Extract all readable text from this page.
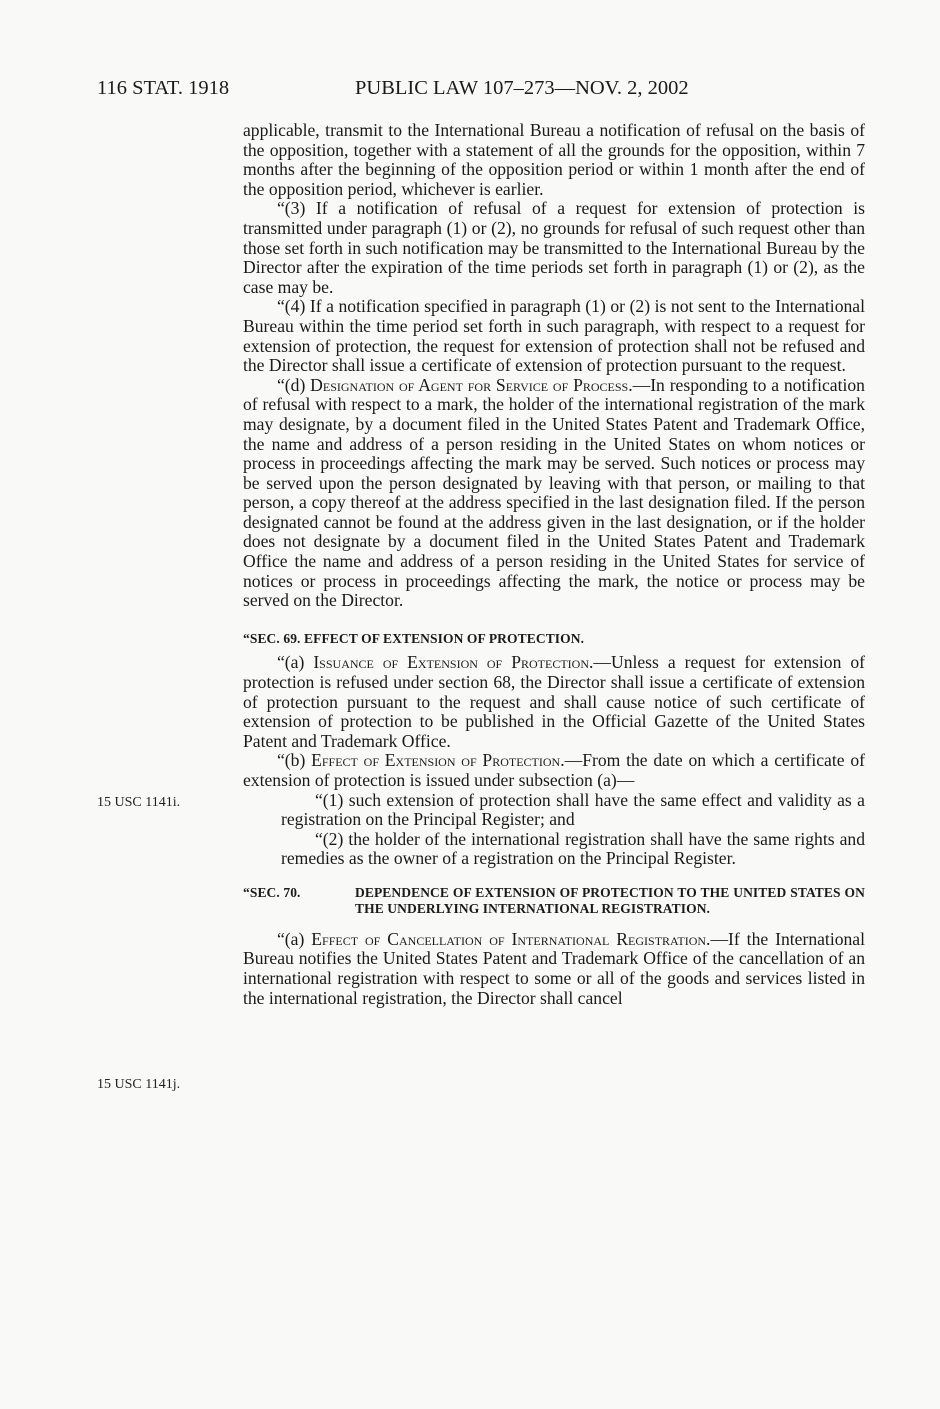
116 STAT. 1918	PUBLIC LAW 107–273—NOV. 2, 2002
15 USC 1141i.
15 USC 1141j.

applicable, transmit to the International Bureau a notification of refusal on the basis of the opposition, together with a statement of all the grounds for the opposition, within 7 months after the beginning of the opposition period or within 1 month after the end of the opposition period, whichever is earlier.

“(3) If a notification of refusal of a request for extension of protection is transmitted under paragraph (1) or (2), no grounds for refusal of such request other than those set forth in such notification may be transmitted to the International Bureau by the Director after the expiration of the time periods set forth in paragraph (1) or (2), as the case may be.

“(4) If a notification specified in paragraph (1) or (2) is not sent to the International Bureau within the time period set forth in such paragraph, with respect to a request for extension of protection, the request for extension of protection shall not be refused and the Director shall issue a certificate of extension of protection pursuant to the request.

“(d) Designation of Agent for Service of Process.—In responding to a notification of refusal with respect to a mark, the holder of the international registration of the mark may designate, by a document filed in the United States Patent and Trademark Office, the name and address of a person residing in the United States on whom notices or process in proceedings affecting the mark may be served. Such notices or process may be served upon the person designated by leaving with that person, or mailing to that person, a copy thereof at the address specified in the last designation filed. If the person designated cannot be found at the address given in the last designation, or if the holder does not designate by a document filed in the United States Patent and Trademark Office the name and address of a person residing in the United States for service of notices or process in proceedings affecting the mark, the notice or process may be served on the Director.

“SEC. 69. EFFECT OF EXTENSION OF PROTECTION.

“(a) Issuance of Extension of Protection.—Unless a request for extension of protection is refused under section 68, the Director shall issue a certificate of extension of protection pursuant to the request and shall cause notice of such certificate of extension of protection to be published in the Official Gazette of the United States Patent and Trademark Office.

“(b) Effect of Extension of Protection.—From the date on which a certificate of extension of protection is issued under subsection (a)—

“(1) such extension of protection shall have the same effect and validity as a registration on the Principal Register; and

“(2) the holder of the international registration shall have the same rights and remedies as the owner of a registration on the Principal Register.

“SEC. 70.	DEPENDENCE OF EXTENSION OF PROTECTION TO THE UNITED STATES ON THE UNDERLYING INTERNATIONAL REGISTRATION.

“(a) Effect of Cancellation of International Registration.—If the International Bureau notifies the United States Patent and Trademark Office of the cancellation of an international registration with respect to some or all of the goods and services listed in the international registration, the Director shall cancel
